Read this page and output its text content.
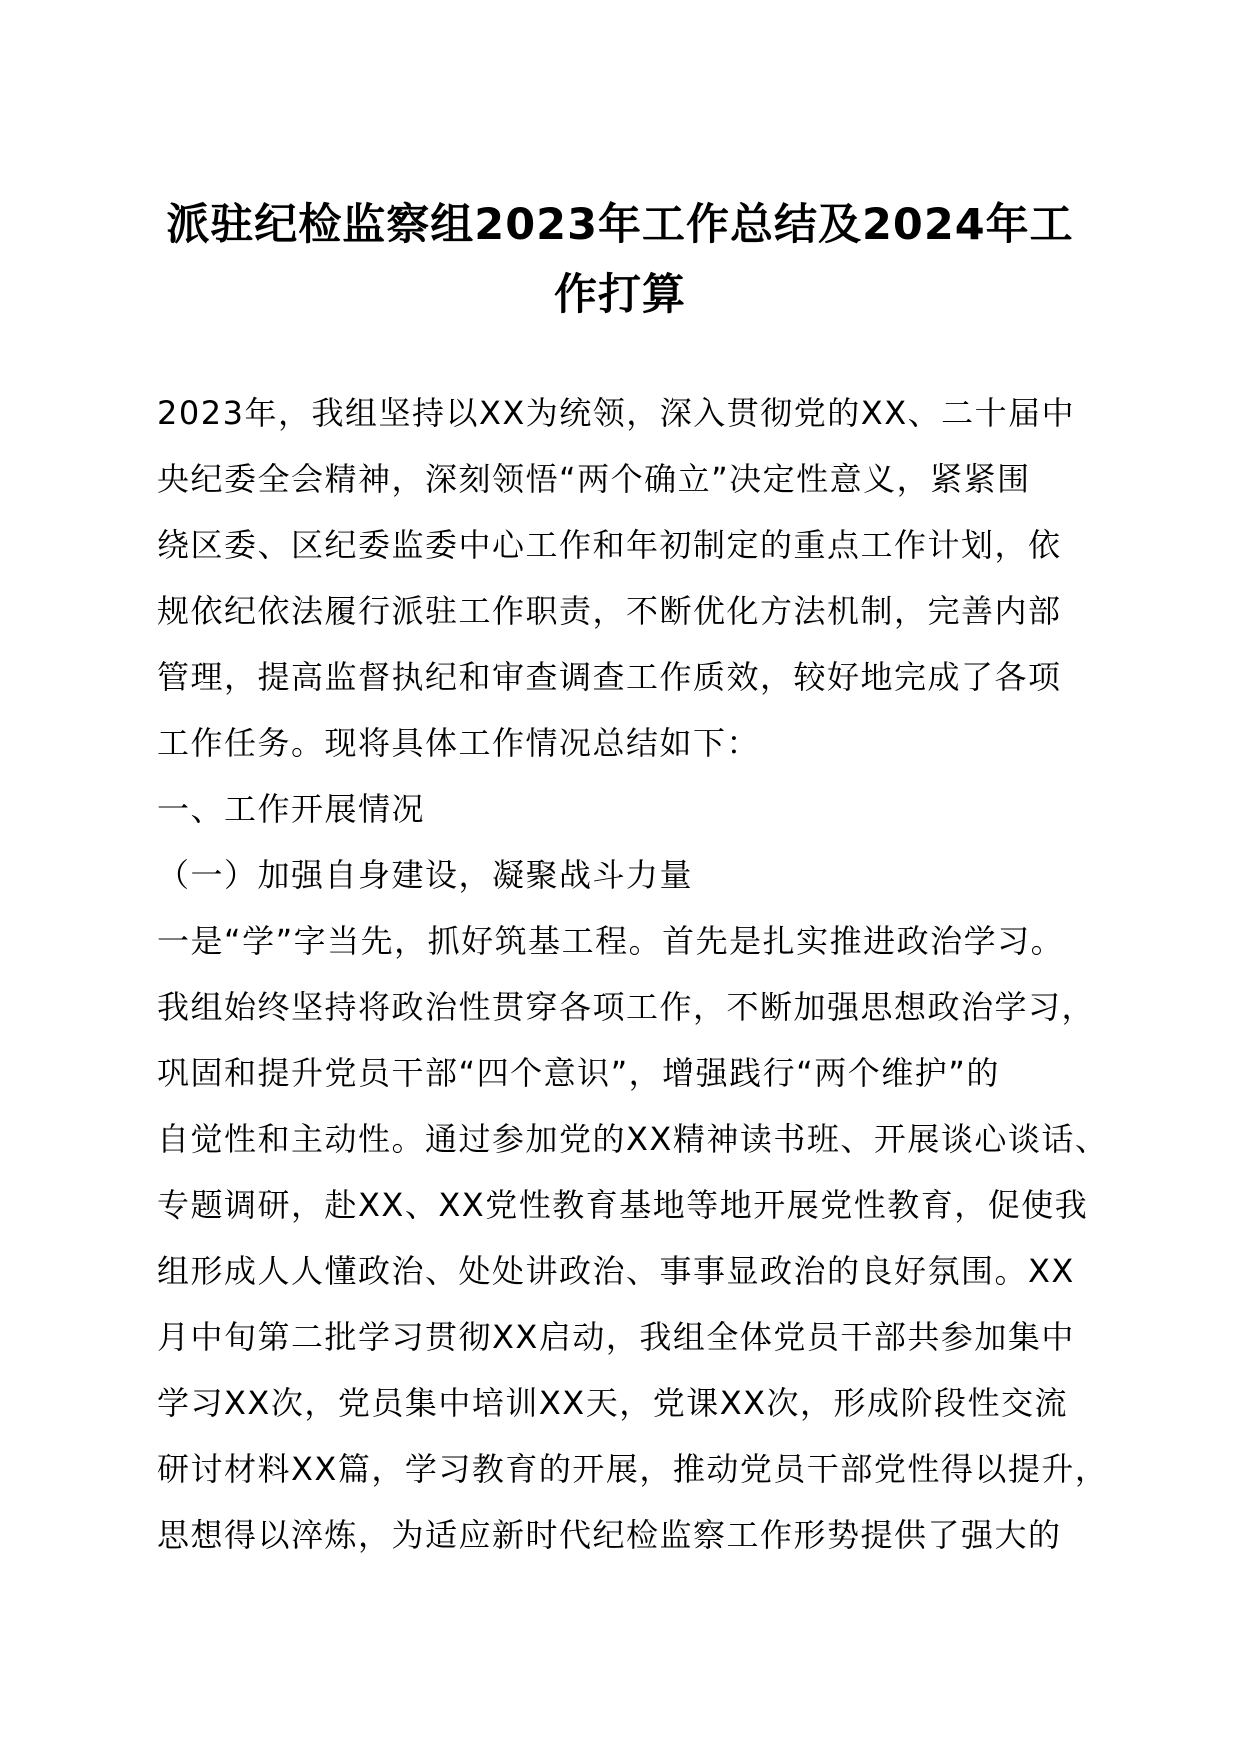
派驻纪检监察组2023年工作总结及2024年工
作打算
2023年，我组坚持以XX为统领，深入贯彻党的XX、二十届中
央纪委全会精神，深刻领悟“两个确立”决定性意义，紧紧围
绕区委、区纪委监委中心工作和年初制定的重点工作计划，依
规依纪依法履行派驻工作职责，不断优化方法机制，完善内部
管理，提高监督执纪和审查调查工作质效，较好地完成了各项
工作任务。现将具体工作情况总结如下：
一、工作开展情况
（一）加强自身建设，凝聚战斗力量
一是“学”字当先，抓好筑基工程。首先是扎实推进政治学习。
我组始终坚持将政治性贯穿各项工作，不断加强思想政治学习，
巩固和提升党员干部“四个意识”，增强践行“两个维护”的
自觉性和主动性。通过参加党的XX精神读书班、开展谈心谈话、
专题调研，赴XX、XX党性教育基地等地开展党性教育，促使我
组形成人人懂政治、处处讲政治、事事显政治的良好氛围。XX
月中旬第二批学习贯彻XX启动，我组全体党员干部共参加集中
学习XX次，党员集中培训XX天，党课XX次，形成阶段性交流
研讨材料XX篇，学习教育的开展，推动党员干部党性得以提升，
思想得以淬炼，为适应新时代纪检监察工作形势提供了强大的
